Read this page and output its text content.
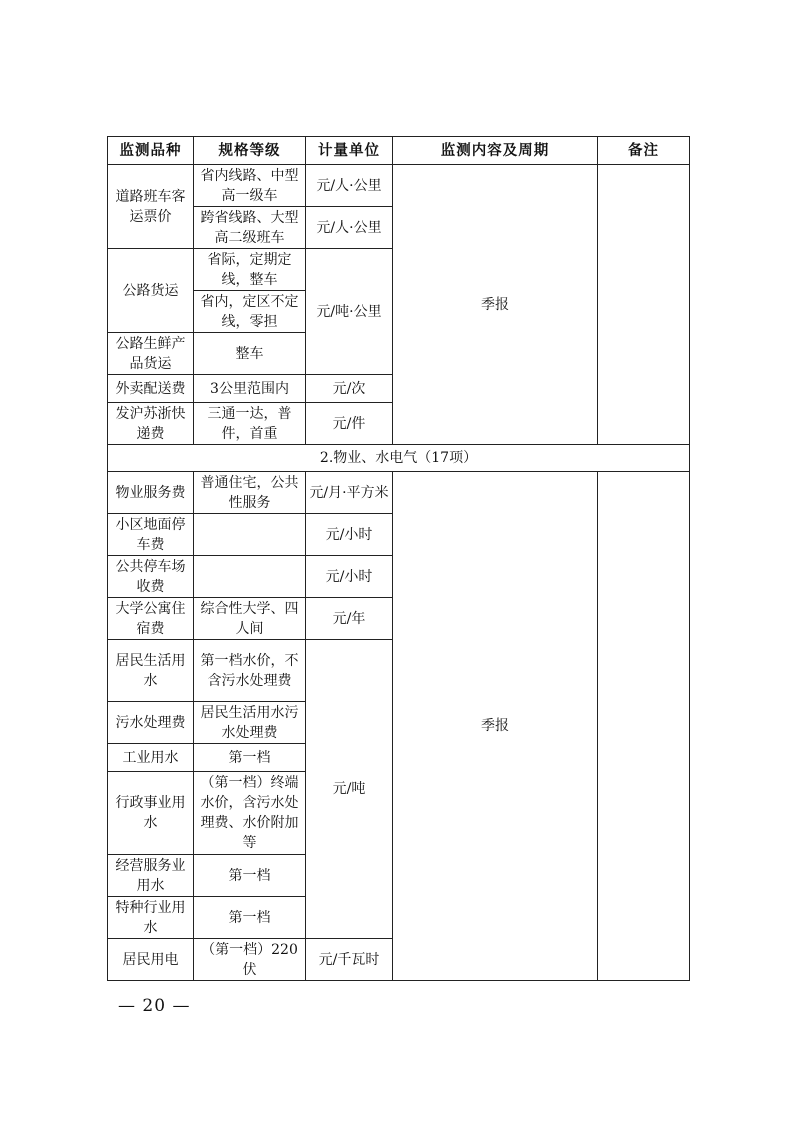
监测品种	规格等级	计量单位	监测内容及周期	备注
道路班车客运票价	省内线路、中型高一级车	元/人·公里	季报	
	跨省线路、大型高二级班车	元/人·公里		
公路货运	省际，定期定线，整车	元/吨·公里		
	省内，定区不定线，零担			
公路生鲜产品货运	整车			
外卖配送费	3公里范围内	元/次		
发沪苏浙快递费	三通一达，普件，首重	元/件		
2.物业、水电气（17项）				
物业服务费	普通住宅，公共性服务	元/月·平方米	季报	
小区地面停车费		元/小时		
公共停车场收费		元/小时		
大学公寓住宿费	综合性大学、四人间	元/年		
居民生活用水	第一档水价，不含污水处理费	元/吨		
污水处理费	居民生活用水污水处理费			
工业用水	第一档			
行政事业用水	（第一档）终端水价，含污水处理费、水价附加等			
经营服务业用水	第一档			
特种行业用水	第一档			
居民用电	（第一档）220伏	元/千瓦时		
— 20 —
